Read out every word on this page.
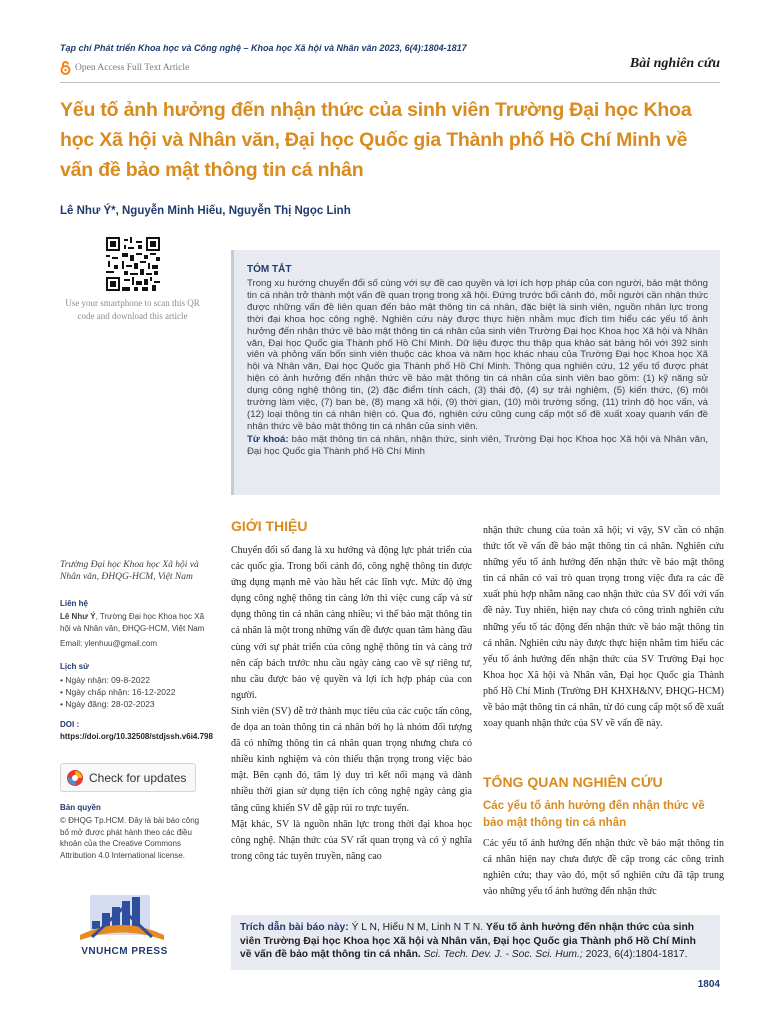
Tạp chí Phát triển Khoa học và Công nghệ – Khoa học Xã hội và Nhân văn 2023, 6(4):1804-1817
Open Access Full Text Article	Bài nghiên cứu
Yếu tố ảnh hưởng đến nhận thức của sinh viên Trường Đại học Khoa học Xã hội và Nhân văn, Đại học Quốc gia Thành phố Hồ Chí Minh về vấn đề bảo mật thông tin cá nhân
Lê Như Ý*, Nguyễn Minh Hiếu, Nguyễn Thị Ngọc Linh
Use your smartphone to scan this QR code and download this article
TÓM TẮT

Trong xu hướng chuyển đổi số cùng với sự đề cao quyền và lợi ích hợp pháp của con người, bảo mật thông tin cá nhân trở thành một vấn đề quan trọng trong xã hội. Đứng trước bối cảnh đó, mỗi người cần nhận thức được những vấn đề liên quan đến bảo mật thông tin cá nhân, đặc biệt là sinh viên, nguồn nhân lực trong thời đại khoa học công nghệ. Nghiên cứu này được thực hiện nhằm mục đích tìm hiểu các yếu tố ảnh hưởng đến nhận thức về bảo mật thông tin cá nhân của sinh viên Trường Đại học Khoa học Xã hội và Nhân văn, Đại học Quốc gia Thành phố Hồ Chí Minh. Dữ liệu được thu thập qua khảo sát bảng hỏi với 392 sinh viên và phỏng vấn bốn sinh viên thuộc các khoa và năm học khác nhau của Trường Đại học Khoa học Xã hội và Nhân văn, Đại học Quốc gia Thành phố Hồ Chí Minh. Thông qua nghiên cứu, 12 yếu tố được phát hiện có ảnh hưởng đến nhận thức về bảo mật thông tin cá nhân của sinh viên bao gồm: (1) kỹ năng sử dụng công nghệ thông tin, (2) đặc điểm tính cách, (3) thái độ, (4) sự trải nghiệm, (5) kiến thức, (6) môi trường làm việc, (7) ban bè, (8) mạng xã hội, (9) thời gian, (10) môi trường sống, (11) trình độ học vấn, và (12) loại thông tin cá nhân hiện có. Qua đó, nghiên cứu cũng cung cấp một số đề xuất xoay quanh vấn đề nhận thức về bảo mật thông tin cá nhân của sinh viên.

Từ khoá: bảo mật thông tin cá nhân, nhận thức, sinh viên, Trường Đại học Khoa học Xã hội và Nhân văn, Đại học Quốc gia Thành phố Hồ Chí Minh

Trường Đại học Khoa học Xã hội và Nhân văn, ĐHQG-HCM, Việt Nam
Liên hệ
Lê Như Ý, Trường Đại học Khoa học Xã hội và Nhân văn, ĐHQG-HCM, Việt Nam
Email: ylenhuu@gmail.com
Lịch sử
• Ngày nhận: 09-8-2022
• Ngày chấp nhận: 16-12-2022
• Ngày đăng: 28-02-2023
DOI :
https://doi.org/10.32508/stdjssh.v6i4.798
Check for updates
Bản quyền
© ĐHQG Tp.HCM. Đây là bài báo công bố mở được phát hành theo các điều khoản của the Creative Commons Attribution 4.0 International license.
VNUHCM PRESS
GIỚI THIỆU

Chuyển đổi số đang là xu hướng và động lực phát triển của các quốc gia. Trong bối cảnh đó, công nghệ thông tin được ứng dụng mạnh mẽ vào hầu hết các lĩnh vực. Mức độ ứng dụng công nghệ thông tin càng lớn thì việc cung cấp và sử dụng thông tin cá nhân càng nhiều; vì thế bảo mật thông tin cá nhân là một trong những vấn đề được quan tâm hàng đầu cùng với sự phát triển của công nghệ thông tin và càng trở nên cấp bách trước nhu cầu ngày càng cao về sự riêng tư, nhu cầu được bảo vệ quyền và lợi ích hợp pháp của con người.

Sinh viên (SV) dễ trở thành mục tiêu của các cuộc tấn công, đe dọa an toàn thông tin cá nhân bởi họ là nhóm đối tượng đã có những thông tin cá nhân quan trọng nhưng chưa có nhiều kinh nghiệm và còn thiếu thận trọng trong việc bảo mật. Bên cạnh đó, tâm lý duy trì kết nối mạng và dành nhiều thời gian sử dụng tiện ích công nghệ ngày càng gia tăng cũng khiến SV dễ gặp rủi ro trực tuyến.

Mặt khác, SV là nguồn nhân lực trong thời đại khoa học công nghệ. Nhận thức của SV rất quan trọng và có ý nghĩa trong công tác tuyên truyền, nâng cao

nhận thức chung của toàn xã hội; vì vậy, SV cần có nhận thức tốt về vấn đề bảo mật thông tin cá nhân. Nghiên cứu những yếu tố ảnh hưởng đến nhận thức về bảo mật thông tin cá nhân có vai trò quan trọng trong việc đưa ra các đề xuất phù hợp nhằm nâng cao nhận thức của SV đối với vấn đề này. Tuy nhiên, hiện nay chưa có công trình nghiên cứu những yếu tố tác động đến nhận thức về bảo mật thông tin cá nhân. Nghiên cứu này được thực hiện nhằm tìm hiểu các yếu tố ảnh hưởng đến nhận thức của SV Trường Đại học Khoa học Xã hội và Nhân văn, Đại học Quốc gia Thành phố Hồ Chí Minh (Trường ĐH KHXH&NV, ĐHQG-HCM) về bảo mật thông tin cá nhân, từ đó cung cấp một số đề xuất xoay quanh nhận thức của SV về vấn đề này.

TỔNG QUAN NGHIÊN CỨU
Các yếu tố ảnh hưởng đến nhận thức về bảo mật thông tin cá nhân

Các yếu tố ảnh hưởng đến nhận thức về bảo mật thông tin cá nhân hiện nay chưa được đề cập trong các công trình nghiên cứu; thay vào đó, một số nghiên cứu đã tập trung vào những yếu tố ảnh hưởng đến nhận thức

Trích dẫn bài báo này: Ý L N, Hiếu N M, Linh N T N. Yếu tố ảnh hưởng đến nhận thức của sinh viên Trường Đại học Khoa học Xã hội và Nhân văn, Đại học Quốc gia Thành phố Hồ Chí Minh về vấn đề bảo mật thông tin cá nhân. Sci. Tech. Dev. J. - Soc. Sci. Hum.; 2023, 6(4):1804-1817.
1804
